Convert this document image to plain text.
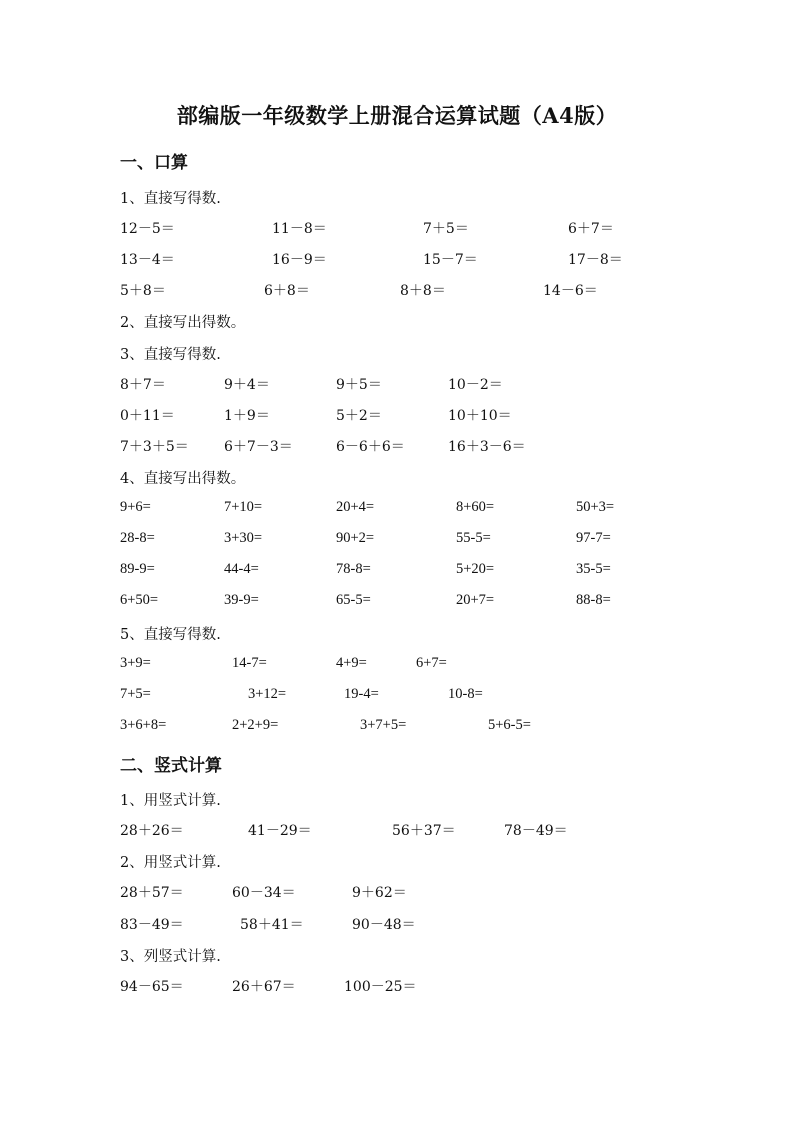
部编版一年级数学上册混合运算试题（A4版）
一、口算
1、直接写得数.
12－5＝	11－8＝	7＋5＝	6＋7＝
13－4＝	16－9＝	15－7＝	17－8＝
5＋8＝	6＋8＝	8＋8＝	14－6＝
2、直接写出得数。
3、直接写得数.
8＋7＝	9＋4＝	9＋5＝	10－2＝
0＋11＝	1＋9＝	5＋2＝	10＋10＝
7＋3＋5＝	6＋7－3＝	6－6＋6＝	16＋3－6＝
4、直接写出得数。
9+6=	7+10=	20+4=	8+60=	50+3=
28-8=	3+30=	90+2=	55-5=	97-7=
89-9=	44-4=	78-8=	5+20=	35-5=
6+50=	39-9=	65-5=	20+7=	88-8=
5、直接写得数.
3+9=	14-7=	4+9=	6+7=
7+5=	3+12=	19-4=	10-8=
3+6+8=	2+2+9=	3+7+5=	5+6-5=
二、竖式计算
1、用竖式计算.
28＋26＝	41－29＝	56＋37＝	78－49＝
2、用竖式计算.
28＋57＝	60－34＝	9＋62＝
83－49＝	58＋41＝	90－48＝
3、列竖式计算.
94－65＝	26＋67＝	100－25＝
